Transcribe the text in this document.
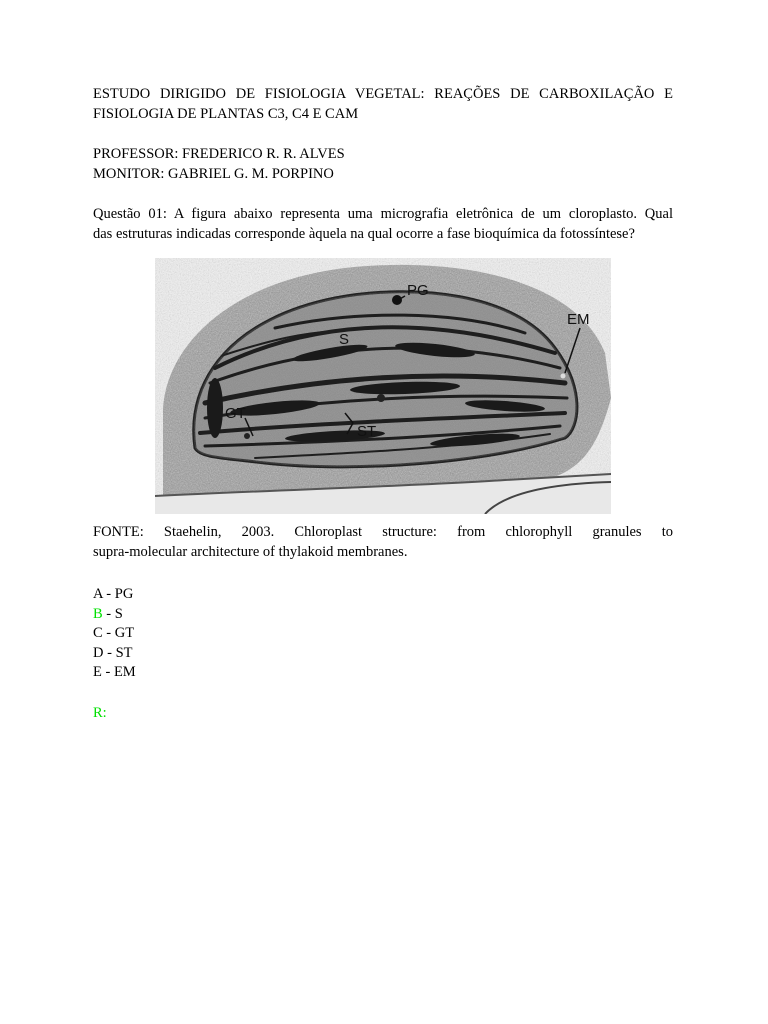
ESTUDO DIRIGIDO DE FISIOLOGIA VEGETAL: REAÇÕES DE CARBOXILAÇÃO E
FISIOLOGIA DE PLANTAS C3, C4 E CAM

PROFESSOR: FREDERICO R. R. ALVES

MONITOR: GABRIEL G. M. PORPINO

Questão 01: A figura abaixo representa uma micrografia eletrônica de um cloroplasto. Qual
das estruturas indicadas corresponde àquela na qual ocorre a fase bioquímica da fotossíntese?

PG
EM
S
GT
ST

FONTE: Staehelin, 2003. Chloroplast structure: from chlorophyll granules to
supra-molecular architecture of thylakoid membranes.

A - PG

B - S

C - GT

D - ST

E - EM

R:
